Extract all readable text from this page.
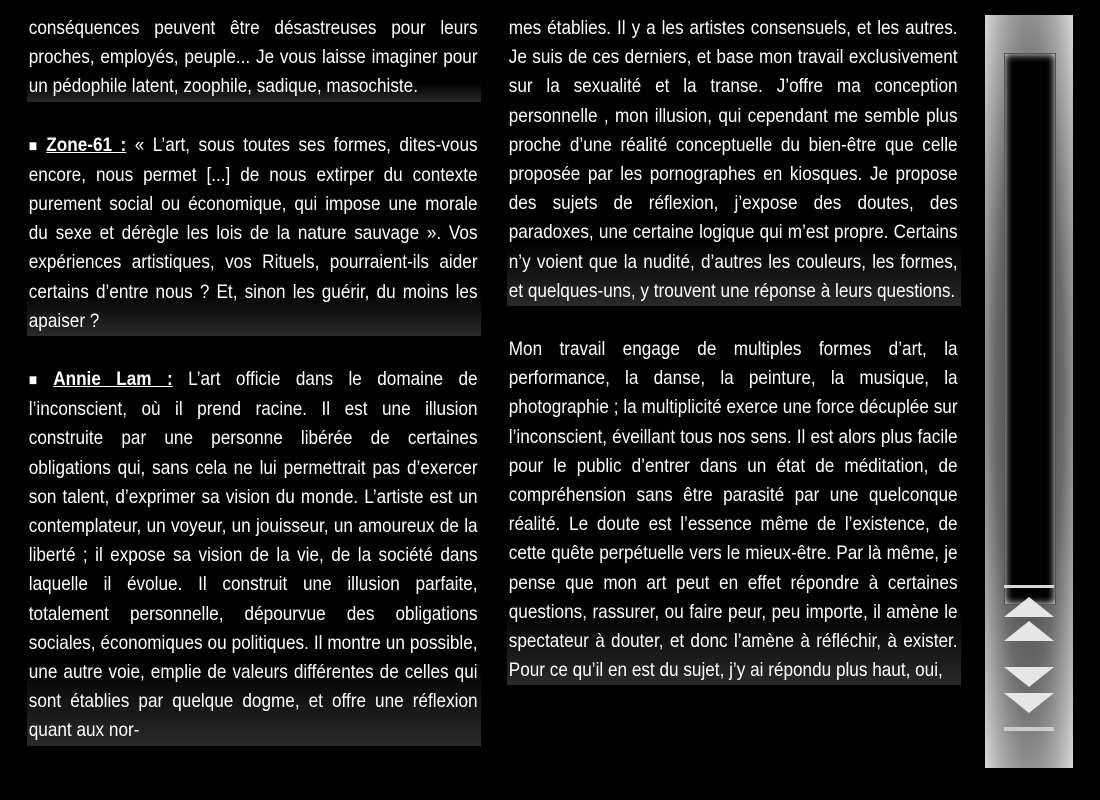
conséquences peuvent être désastreuses pour leurs proches, employés, peuple... Je vous laisse imaginer pour un pédophile latent, zoophile, sadique, masochiste.

■ Zone-61 : « L’art, sous toutes ses formes, dites-vous encore, nous permet [...] de nous extirper du contexte purement social ou économique, qui impose une morale du sexe et dérègle les lois de la nature sauvage ». Vos expériences artistiques, vos Rituels, pourraient-ils aider certains d’entre nous ? Et, sinon les guérir, du moins les apaiser ?

■ Annie Lam : L’art officie dans le domaine de l’inconscient, où il prend racine. Il est une illusion construite par une personne libérée de certaines obligations qui, sans cela ne lui permettrait pas d’exercer son talent, d’exprimer sa vision du monde. L’artiste est un contemplateur, un voyeur, un jouisseur, un amoureux de la liberté ; il expose sa vision de la vie, de la société dans laquelle il évolue. Il construit une illusion parfaite, totalement personnelle, dépourvue des obligations sociales, économiques ou politiques. Il montre un possible, une autre voie, emplie de valeurs différentes de celles qui sont établies par quelque dogme, et offre une réflexion quant aux nor-

mes établies. Il y a les artistes consensuels, et les autres. Je suis de ces derniers, et base mon travail exclusivement sur la sexualité et la transe. J’offre ma conception personnelle , mon illusion, qui cependant me semble plus proche d’une réalité conceptuelle du bien-être que celle proposée par les pornographes en kiosques. Je propose des sujets de réflexion, j’expose des doutes, des paradoxes, une certaine logique qui m’est propre. Certains n’y voient que la nudité, d’autres les couleurs, les formes, et quelques-uns, y trouvent une réponse à leurs questions.

Mon travail engage de multiples formes d’art, la performance, la danse, la peinture, la musique, la photographie ; la multiplicité exerce une force décuplée sur l’inconscient, éveillant tous nos sens. Il est alors plus facile pour le public d’entrer dans un état de méditation, de compréhension sans être parasité par une quelconque réalité. Le doute est l’essence même de l’existence, de cette quête perpétuelle vers le mieux-être. Par là même, je pense que mon art peut en effet répondre à certaines questions, rassurer, ou faire peur, peu importe, il amène le spectateur à douter, et donc l’amène à réfléchir, à exister. Pour ce qu’il en est du sujet, j’y ai répondu plus haut, oui,
